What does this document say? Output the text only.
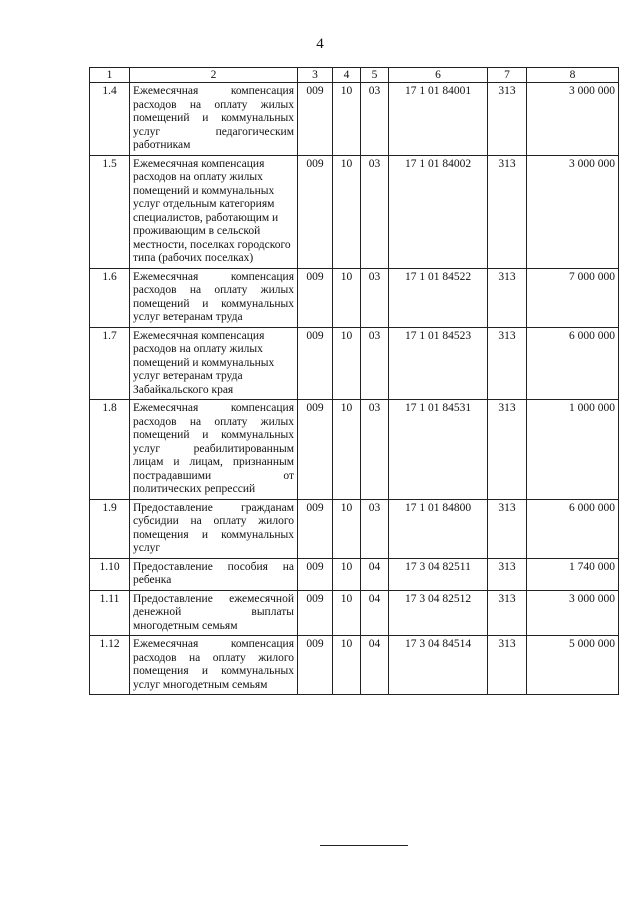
4
1	2	3	4	5	6	7	8
1.4	Ежемесячная компенсация расходов на оплату жилых помещений и коммунальных услуг педагогическим работникам	009	10	03	17 1 01 84001	313	3 000 000
1.5	Ежемесячная компенсация расходов на оплату жилых помещений и коммунальных услуг отдельным категориям специалистов, работающим и проживающим в сельской местности, поселках городского типа (рабочих поселках)	009	10	03	17 1 01 84002	313	3 000 000
1.6	Ежемесячная компенсация расходов на оплату жилых помещений и коммунальных услуг ветеранам труда	009	10	03	17 1 01 84522	313	7 000 000
1.7	Ежемесячная компенсация расходов на оплату жилых помещений и коммунальных услуг ветеранам труда Забайкальского края	009	10	03	17 1 01 84523	313	6 000 000
1.8	Ежемесячная компенсация расходов на оплату жилых помещений и коммунальных услуг реабилитированным лицам и лицам, признанным пострадавшими от политических репрессий	009	10	03	17 1 01 84531	313	1 000 000
1.9	Предоставление гражданам субсидии на оплату жилого помещения и коммунальных услуг	009	10	03	17 1 01 84800	313	6 000 000
1.10	Предоставление пособия на ребенка	009	10	04	17 3 04 82511	313	1 740 000
1.11	Предоставление ежемесячной денежной выплаты многодетным семьям	009	10	04	17 3 04 82512	313	3 000 000
1.12	Ежемесячная компенсация расходов на оплату жилого помещения и коммунальных услуг многодетным семьям	009	10	04	17 3 04 84514	313	5 000 000
